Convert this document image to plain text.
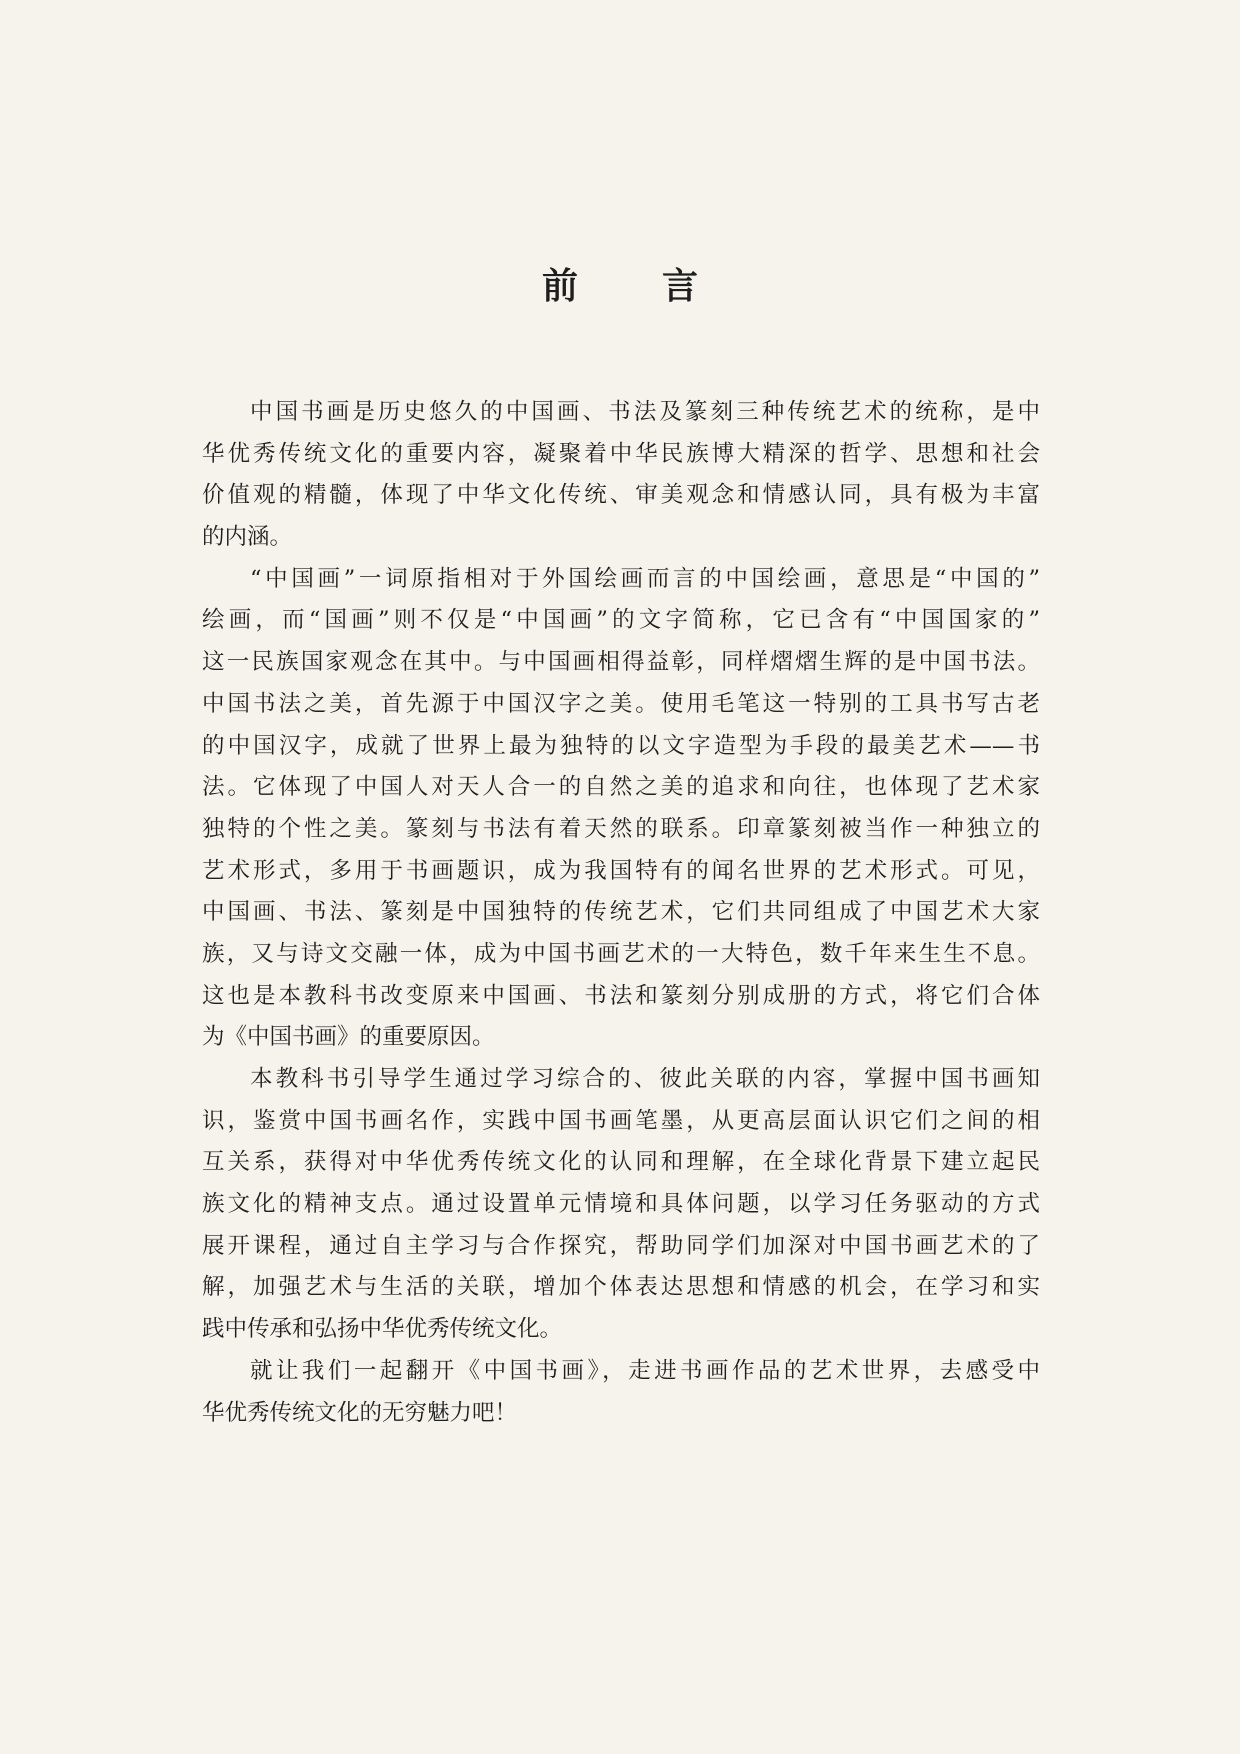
前 言
中国书画是历史悠久的中国画、书法及篆刻三种传统艺术的统称，是中
华优秀传统文化的重要内容，凝聚着中华民族博大精深的哲学、思想和社会
价值观的精髓，体现了中华文化传统、审美观念和情感认同，具有极为丰富
的内涵。
“中国画”一词原指相对于外国绘画而言的中国绘画，意思是“中国的”
绘画，而“国画”则不仅是“中国画”的文字简称，它已含有“中国国家的”
这一民族国家观念在其中。与中国画相得益彰，同样熠熠生辉的是中国书法。
中国书法之美，首先源于中国汉字之美。使用毛笔这一特别的工具书写古老
的中国汉字，成就了世界上最为独特的以文字造型为手段的最美艺术——书
法。它体现了中国人对天人合一的自然之美的追求和向往，也体现了艺术家
独特的个性之美。篆刻与书法有着天然的联系。印章篆刻被当作一种独立的
艺术形式，多用于书画题识，成为我国特有的闻名世界的艺术形式。可见，
中国画、书法、篆刻是中国独特的传统艺术，它们共同组成了中国艺术大家
族，又与诗文交融一体，成为中国书画艺术的一大特色，数千年来生生不息。
这也是本教科书改变原来中国画、书法和篆刻分别成册的方式，将它们合体
为《中国书画》的重要原因。
本教科书引导学生通过学习综合的、彼此关联的内容，掌握中国书画知
识，鉴赏中国书画名作，实践中国书画笔墨，从更高层面认识它们之间的相
互关系，获得对中华优秀传统文化的认同和理解，在全球化背景下建立起民
族文化的精神支点。通过设置单元情境和具体问题，以学习任务驱动的方式
展开课程，通过自主学习与合作探究，帮助同学们加深对中国书画艺术的了
解，加强艺术与生活的关联，增加个体表达思想和情感的机会，在学习和实
践中传承和弘扬中华优秀传统文化。
就让我们一起翻开《中国书画》，走进书画作品的艺术世界，去感受中
华优秀传统文化的无穷魅力吧！
